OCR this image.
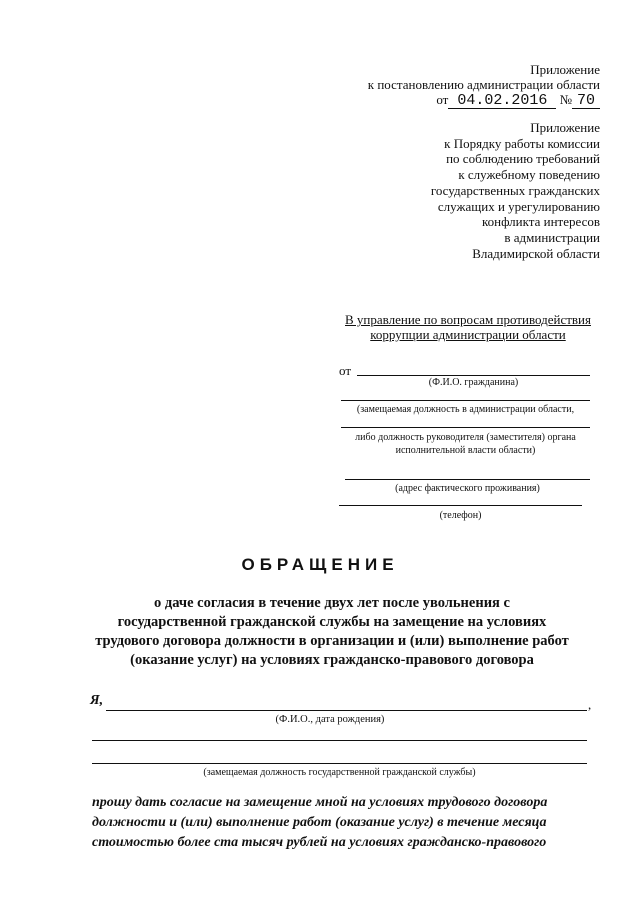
Приложение
к постановлению администрации области
от 04.02.2016 № 70
Приложение
к Порядку работы комиссии
по соблюдению требований
к служебному поведению
государственных гражданских
служащих и урегулированию
конфликта интересов
в администрации
Владимирской области
В управление по вопросам противодействия
коррупции администрации области
от
(Ф.И.О. гражданина)
(замещаемая должность в администрации области,
либо должность руководителя (заместителя) органа
исполнительной власти области)
(адрес фактического проживания)
(телефон)
ОБРАЩЕНИЕ
о даче согласия в течение двух лет после увольнения с
государственной гражданской службы на замещение на условиях
трудового договора должности в организации и (или) выполнение работ
(оказание услуг) на условиях гражданско-правового договора
Я,	,
(Ф.И.О., дата рождения)
(замещаемая должность государственной гражданской службы)
прошу дать согласие на замещение мной на условиях трудового договора
должности и (или) выполнение работ (оказание услуг) в течение месяца
стоимостью более ста тысяч рублей на условиях гражданско-правового
